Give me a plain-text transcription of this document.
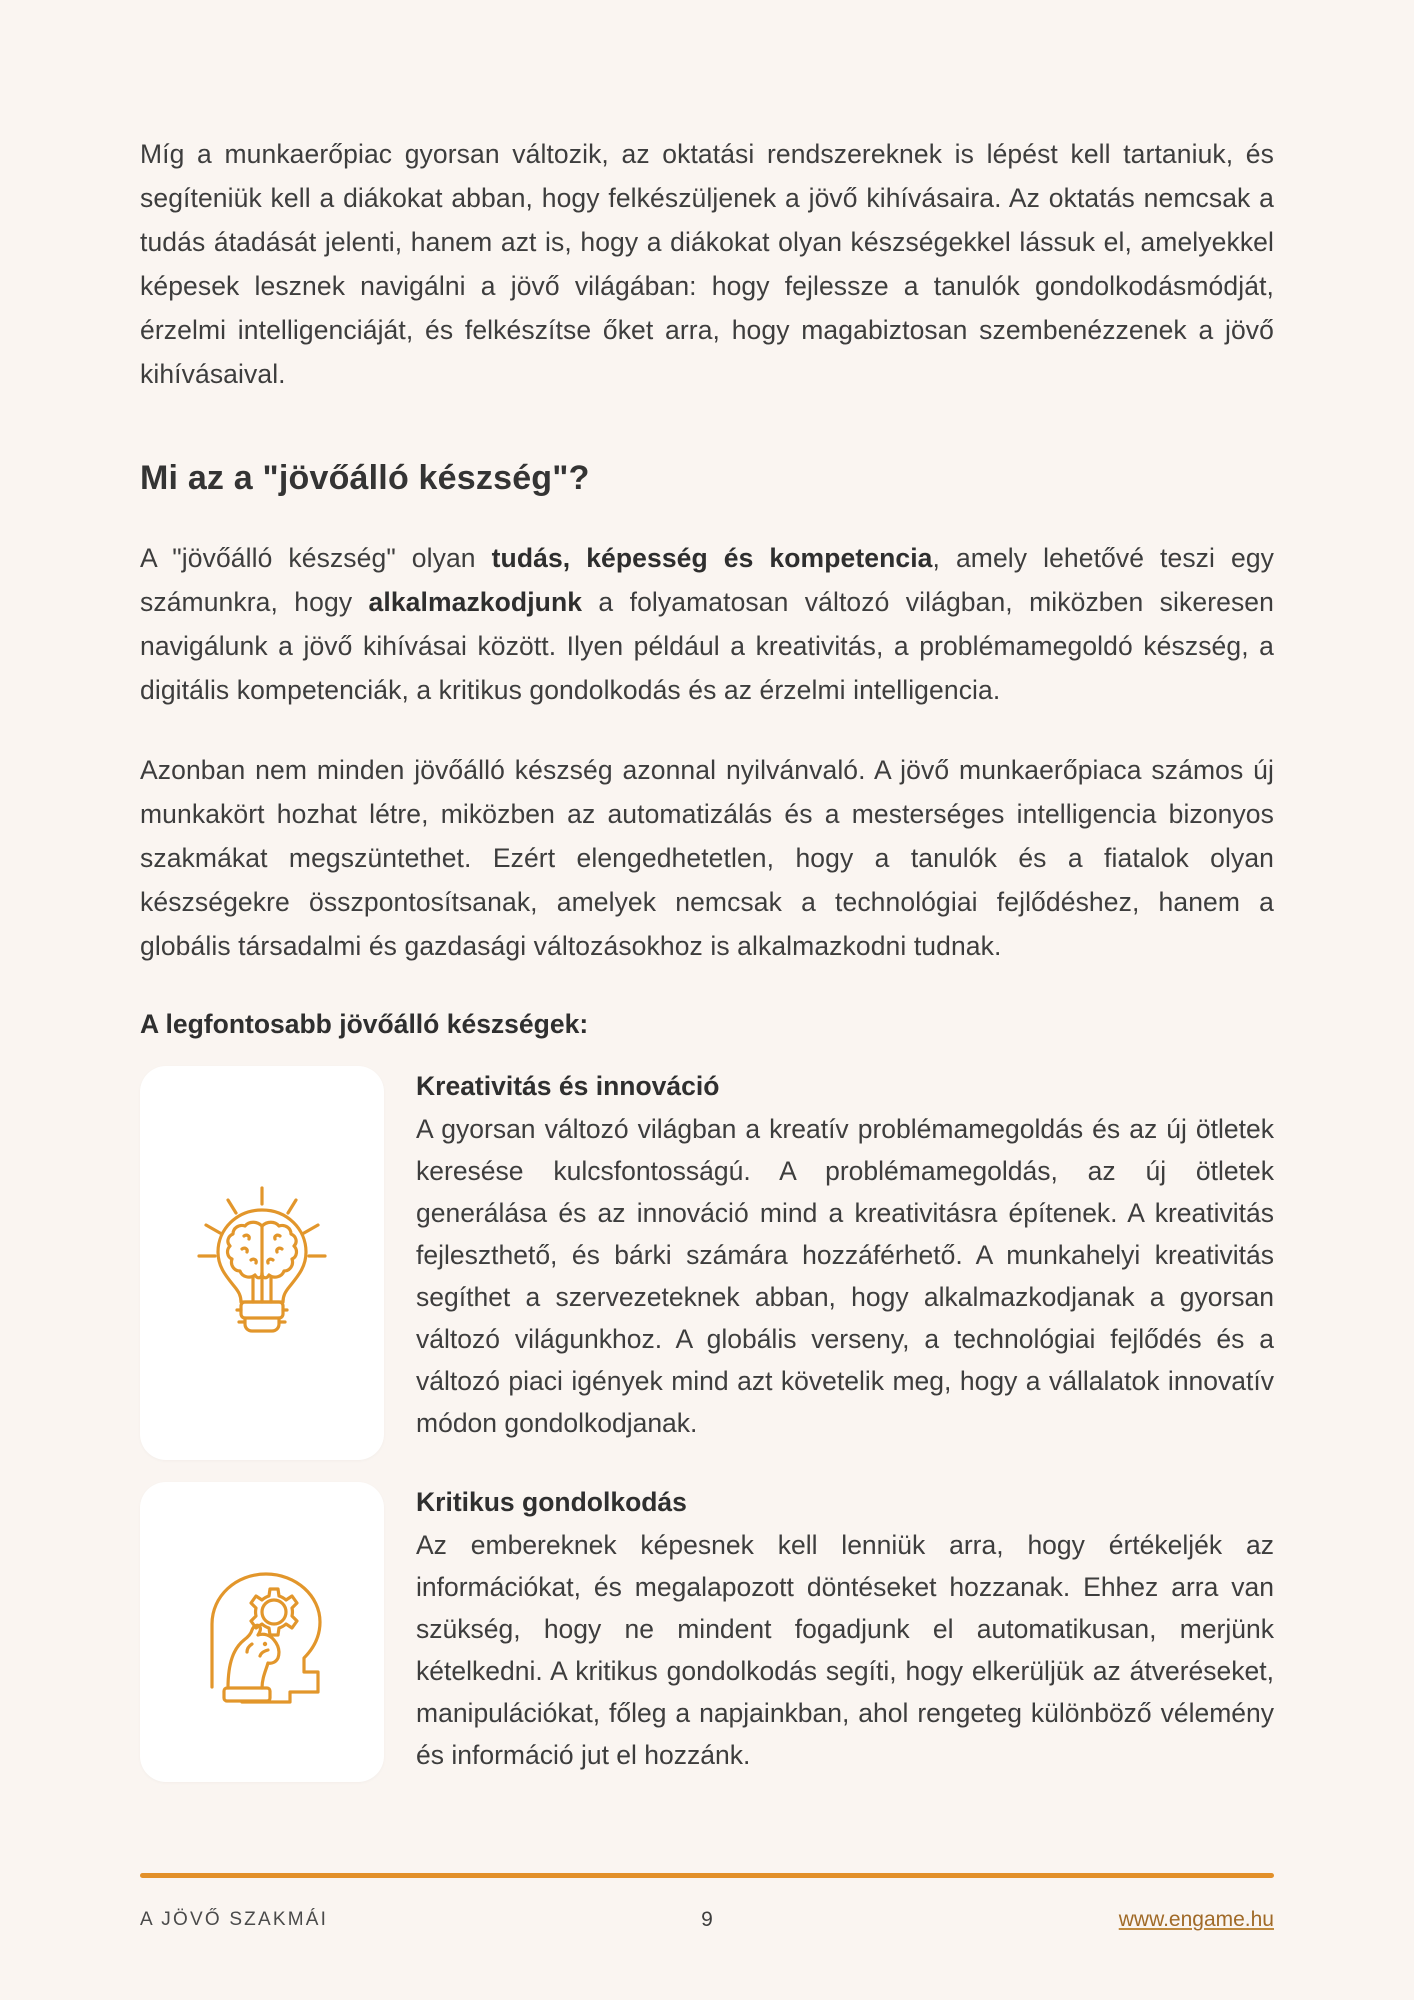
Míg a munkaerőpiac gyorsan változik, az oktatási rendszereknek is lépést kell tartaniuk, és segíteniük kell a diákokat abban, hogy felkészüljenek a jövő kihívásaira. Az oktatás nemcsak a tudás átadását jelenti, hanem azt is, hogy a diákokat olyan készségekkel lássuk el, amelyekkel képesek lesznek navigálni a jövő világában: hogy fejlessze a tanulók gondolkodásmódját, érzelmi intelligenciáját, és felkészítse őket arra, hogy magabiztosan szembenézzenek a jövő kihívásaival.

Mi az a "jövőálló készség"?

A "jövőálló készség" olyan tudás, képesség és kompetencia, amely lehetővé teszi egy számunkra, hogy alkalmazkodjunk a folyamatosan változó világban, miközben sikeresen navigálunk a jövő kihívásai között. Ilyen például a kreativitás, a problémamegoldó készség, a digitális kompetenciák, a kritikus gondolkodás és az érzelmi intelligencia.

Azonban nem minden jövőálló készség azonnal nyilvánvaló. A jövő munkaerőpiaca számos új munkakört hozhat létre, miközben az automatizálás és a mesterséges intelligencia bizonyos szakmákat megszüntethet. Ezért elengedhetetlen, hogy a tanulók és a fiatalok olyan készségekre összpontosítsanak, amelyek nemcsak a technológiai fejlődéshez, hanem a globális társadalmi és gazdasági változásokhoz is alkalmazkodni tudnak.

A legfontosabb jövőálló készségek:
Kreativitás és innováció
A gyorsan változó világban a kreatív problémamegoldás és az új ötletek keresése kulcsfontosságú. A problémamegoldás, az új ötletek generálása és az innováció mind a kreativitásra építenek. A kreativitás fejleszthető, és bárki számára hozzáférhető. A munkahelyi kreativitás segíthet a szervezeteknek abban, hogy alkalmazkodjanak a gyorsan változó világunkhoz. A globális verseny, a technológiai fejlődés és a változó piaci igények mind azt követelik meg, hogy a vállalatok innovatív módon gondolkodjanak.
Kritikus gondolkodás
Az embereknek képesnek kell lenniük arra, hogy értékeljék az információkat, és megalapozott döntéseket hozzanak. Ehhez arra van szükség, hogy ne mindent fogadjunk el automatikusan, merjünk kételkedni. A kritikus gondolkodás segíti, hogy elkerüljük az átveréseket, manipulációkat, főleg a napjainkban, ahol rengeteg különböző vélemény és információ jut el hozzánk.
A JÖVŐ SZAKMÁI	9	www.engame.hu
